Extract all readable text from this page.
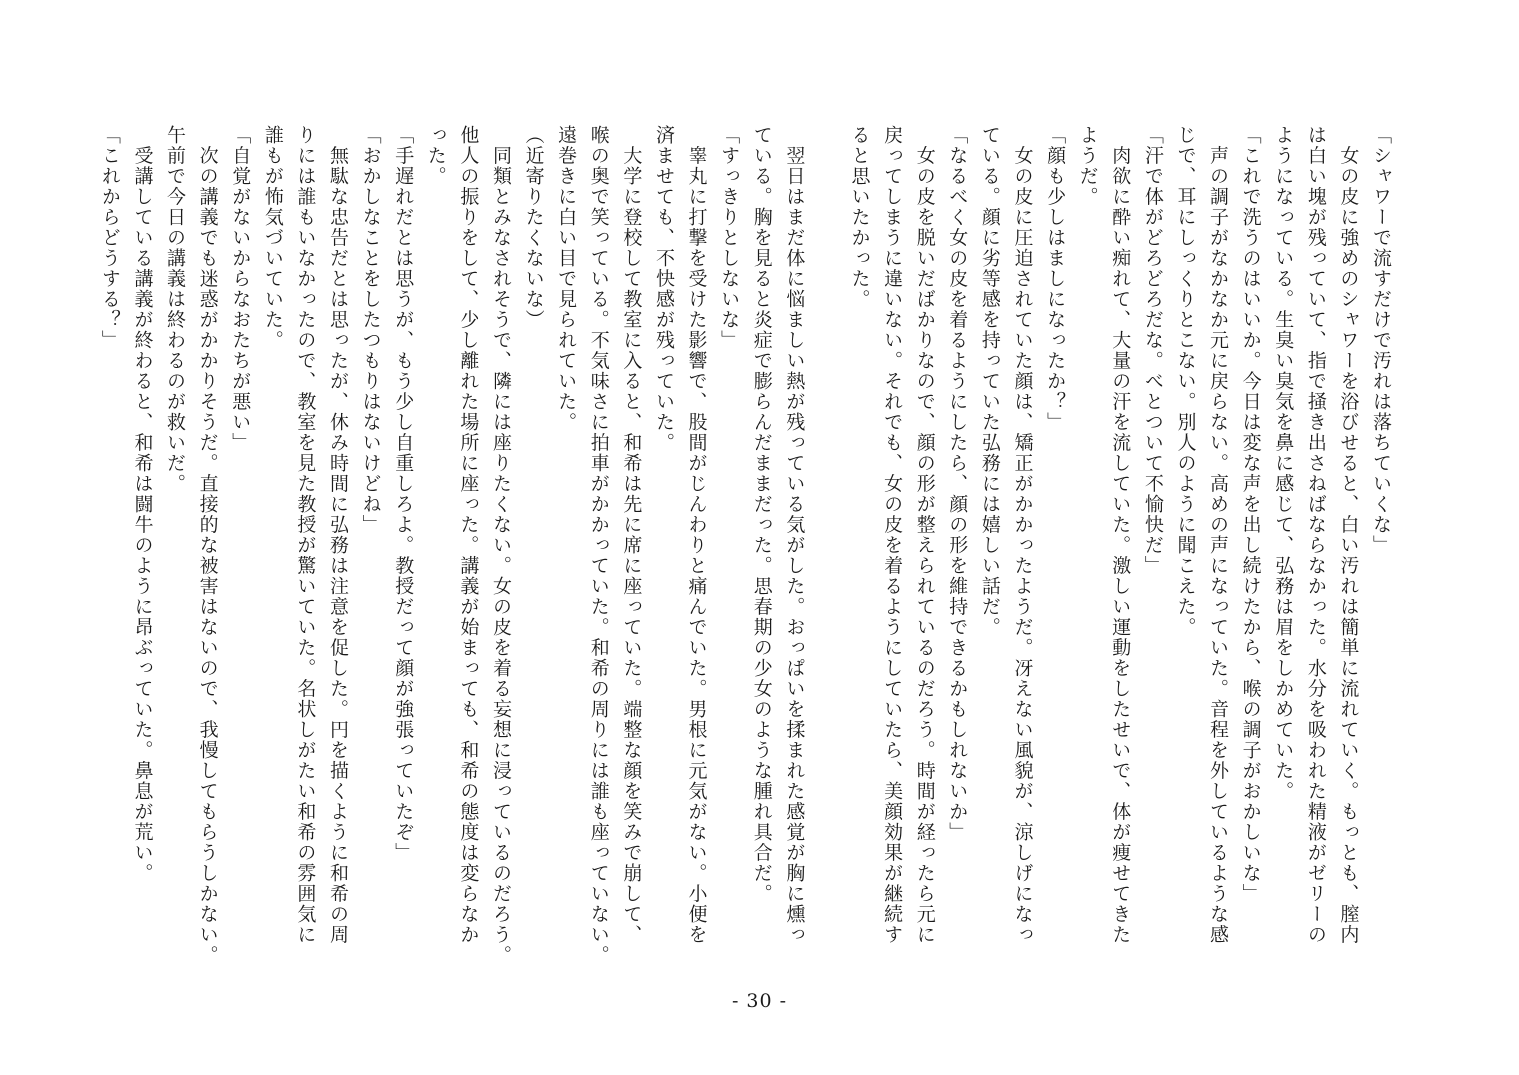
「シャワーで流すだけで汚れは落ちていくな」
　女の皮に強めのシャワーを浴びせると、白い汚れは簡単に流れていく。もっとも、膣内
は白い塊が残っていて、指で掻き出さねばならなかった。水分を吸われた精液がゼリーの
ようになっている。生臭い臭気を鼻に感じて、弘務は眉をしかめていた。
「これで洗うのはいいか。今日は変な声を出し続けたから、喉の調子がおかしいな」
　声の調子がなかなか元に戻らない。高めの声になっていた。音程を外しているような感
じで、耳にしっくりとこない。別人のように聞こえた。
「汗で体がどろどろだな。べとついて不愉快だ」
　肉欲に酔い痴れて、大量の汗を流していた。激しい運動をしたせいで、体が痩せてきた
ようだ。
「顔も少しはましになったか？」
　女の皮に圧迫されていた顔は、矯正がかかったようだ。冴えない風貌が、涼しげになっ
ている。顔に劣等感を持っていた弘務には嬉しい話だ。
「なるべく女の皮を着るようにしたら、顔の形を維持できるかもしれないか」
　女の皮を脱いだばかりなので、顔の形が整えられているのだろう。時間が経ったら元に
戻ってしまうに違いない。それでも、女の皮を着るようにしていたら、美顔効果が継続す
ると思いたかった。

　翌日はまだ体に悩ましい熱が残っている気がした。おっぱいを揉まれた感覚が胸に燻っ
ている。胸を見ると炎症で膨らんだままだった。思春期の少女のような腫れ具合だ。
「すっきりとしないな」
　睾丸に打撃を受けた影響で、股間がじんわりと痛んでいた。男根に元気がない。小便を
済ませても、不快感が残っていた。
　大学に登校して教室に入ると、和希は先に席に座っていた。端整な顔を笑みで崩して、
喉の奥で笑っている。不気味さに拍車がかかっていた。和希の周りには誰も座っていない。
遠巻きに白い目で見られていた。
（近寄りたくないな）
　同類とみなされそうで、隣には座りたくない。女の皮を着る妄想に浸っているのだろう。
他人の振りをして、少し離れた場所に座った。講義が始まっても、和希の態度は変らなか
った。
「手遅れだとは思うが、もう少し自重しろよ。教授だって顔が強張っていたぞ」
「おかしなことをしたつもりはないけどね」
　無駄な忠告だとは思ったが、休み時間に弘務は注意を促した。円を描くように和希の周
りには誰もいなかったので、教室を見た教授が驚いていた。名状しがたい和希の雰囲気に
誰もが怖気づいていた。
「自覚がないからなおたちが悪い」
　次の講義でも迷惑がかかりそうだ。直接的な被害はないので、我慢してもらうしかない。
午前で今日の講義は終わるのが救いだ。
　受講している講義が終わると、和希は闘牛のように昂ぶっていた。鼻息が荒い。
「これからどうする？」
- 30 -
